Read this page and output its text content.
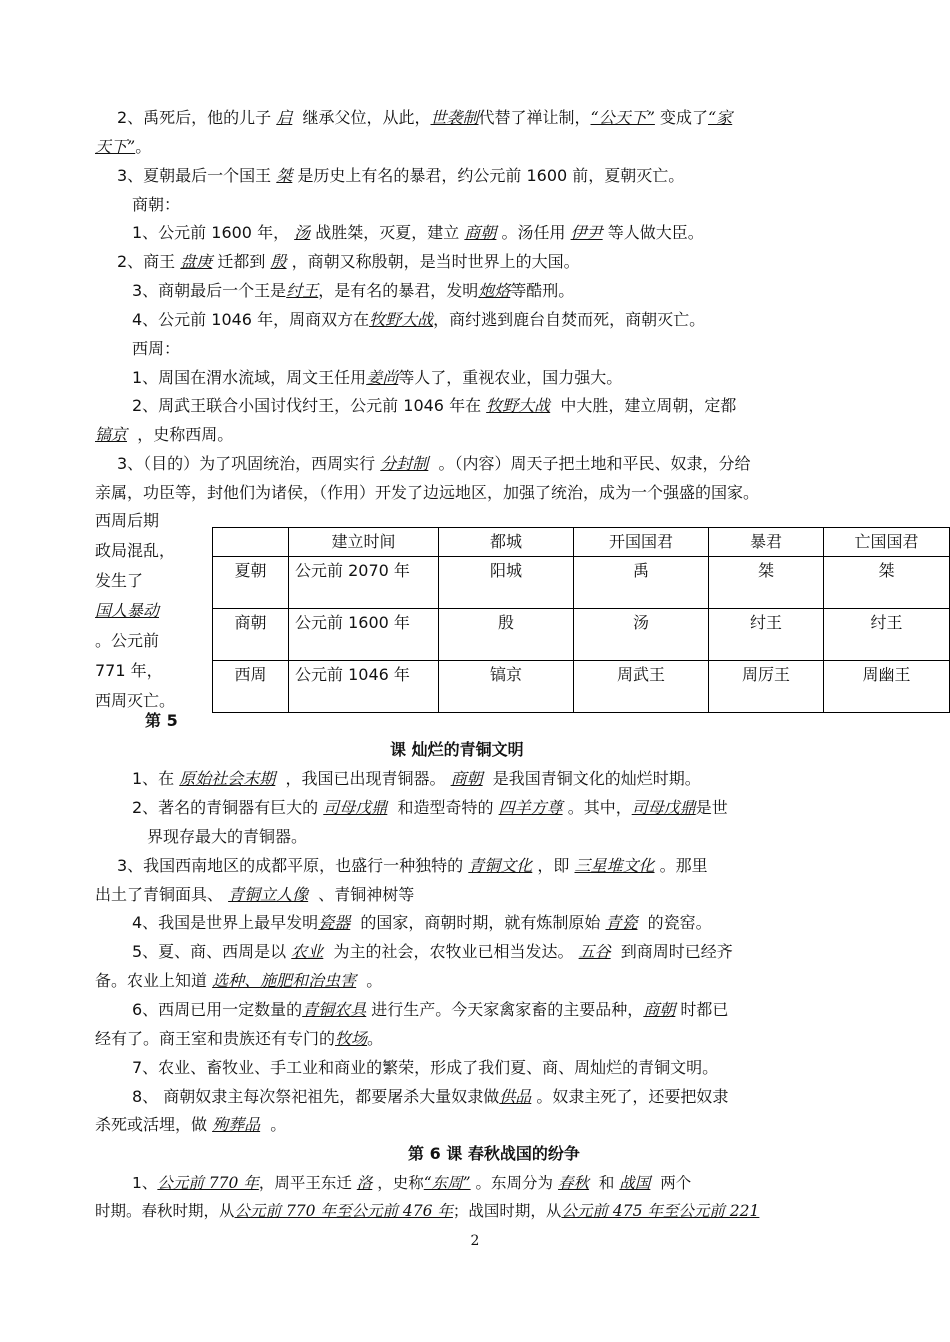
2、禹死后，他的儿子 启 继承父位，从此，世袭制代替了禅让制，“公天下” 变成了“家
天下”。
3、夏朝最后一个国王 桀 是历史上有名的暴君，约公元前 1600 前，夏朝灭亡。
商朝：
1、公元前 1600 年， 汤 战胜桀，灭夏，建立 商朝 。汤任用 伊尹 等人做大臣。
2、商王 盘庚 迁都到 殷 ，商朝又称殷朝，是当时世界上的大国。
3、商朝最后一个王是纣王，是有名的暴君，发明炮烙等酷刑。
4、公元前 1046 年，周商双方在牧野大战，商纣逃到鹿台自焚而死，商朝灭亡。
西周：
1、周国在渭水流域，周文王任用姜尚等人了，重视农业，国力强大。
2、周武王联合小国讨伐纣王，公元前 1046 年在 牧野大战 中大胜，建立周朝，定都
镐京 ，史称西周。
3、（目的）为了巩固统治，西周实行 分封制 。（内容）周天子把土地和平民、奴隶，分给
亲属，功臣等，封他们为诸侯，（作用）开发了边远地区，加强了统治，成为一个强盛的国家。
西周后期
政局混乱，
发生了
国人暴动
。公元前
771 年，
西周灭亡。
	建立时间	都城	开国国君	暴君	亡国国君
夏朝	公元前 2070 年	阳城	禹	桀	桀
商朝	公元前 1600 年	殷	汤	纣王	纣王
西周	公元前 1046 年	镐京	周武王	周厉王	周幽王
第 5
课 灿烂的青铜文明
1、在 原始社会末期 ，我国已出现青铜器。 商朝 是我国青铜文化的灿烂时期。
2、著名的青铜器有巨大的 司母戊鼎 和造型奇特的 四羊方尊 。其中，司母戊鼎是世
界现存最大的青铜器。
3、我国西南地区的成都平原，也盛行一种独特的 青铜文化 ，即 三星堆文化 。那里
出土了青铜面具、 青铜立人像 、青铜神树等
4、我国是世界上最早发明瓷器 的国家，商朝时期，就有炼制原始 青瓷 的瓷窑。
5、夏、商、西周是以 农业 为主的社会，农牧业已相当发达。 五谷 到商周时已经齐
备。农业上知道 选种、施肥和治虫害 。
6、西周已用一定数量的青铜农具 进行生产。今天家禽家畜的主要品种，商朝 时都已
经有了。商王室和贵族还有专门的牧场。
7、农业、畜牧业、手工业和商业的繁荣，形成了我们夏、商、周灿烂的青铜文明。
8、 商朝奴隶主每次祭祀祖先，都要屠杀大量奴隶做供品 。奴隶主死了，还要把奴隶
杀死或活埋，做 殉葬品 。
第 6 课 春秋战国的纷争
1、公元前 770 年，周平王东迁 洛 ，史称“东周” 。东周分为 春秋 和 战国 两个
时期。春秋时期，从公元前 770 年至公元前 476 年；战国时期，从公元前 475 年至公元前 221
2
